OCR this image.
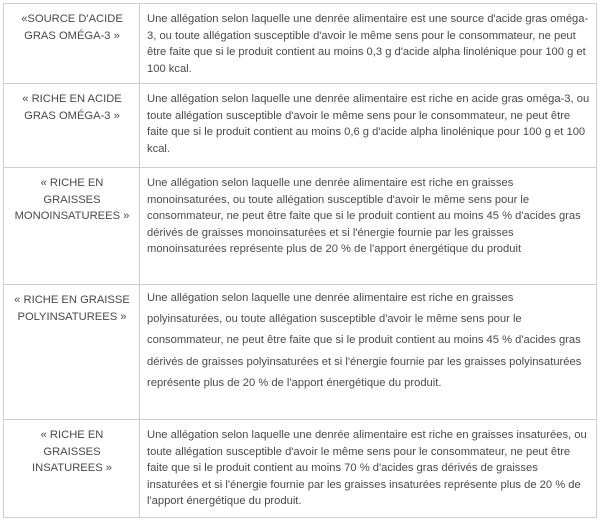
«SOURCE D'ACIDE GRAS OMÉGA-3 »	Une allégation selon laquelle une denrée alimentaire est une source d'acide gras oméga-3, ou toute allégation susceptible d'avoir le même sens pour le consommateur, ne peut être faite que si le produit contient au moins 0,3 g d'acide alpha linolénique pour 100 g et 100 kcal.
« RICHE EN ACIDE GRAS OMÉGA-3 »	Une allégation selon laquelle une denrée alimentaire est riche en acide gras oméga-3, ou toute allégation susceptible d'avoir le même sens pour le consommateur, ne peut être faite que si le produit contient au moins 0,6 g d'acide alpha linolénique pour 100 g et 100 kcal.
« RICHE EN GRAISSES MONOINSATUREES »	Une allégation selon laquelle une denrée alimentaire est riche en graisses monoinsaturées, ou toute allégation susceptible d'avoir le même sens pour le consommateur, ne peut être faite que si le produit contient au moins 45 % d'acides gras dérivés de graisses monoinsaturées et si l'énergie fournie par les graisses monoinsaturées représente plus de 20 % de l'apport énergétique du produit
« RICHE EN GRAISSE POLYINSATUREES »	Une allégation selon laquelle une denrée alimentaire est riche en graisses polyinsaturées, ou toute allégation susceptible d'avoir le même sens pour le consommateur, ne peut être faite que si le produit contient au moins 45 % d'acides gras dérivés de graisses polyinsaturées et si l'énergie fournie par les graisses polyinsaturées représente plus de 20 % de l'apport énergétique du produit.
« RICHE EN GRAISSES INSATUREES »	Une allégation selon laquelle une denrée alimentaire est riche en graisses insaturées, ou toute allégation susceptible d'avoir le même sens pour le consommateur, ne peut être faite que si le produit contient au moins 70 % d'acides gras dérivés de graisses insaturées et si l'énergie fournie par les graisses insaturées représente plus de 20 % de l'apport énergétique du produit.
